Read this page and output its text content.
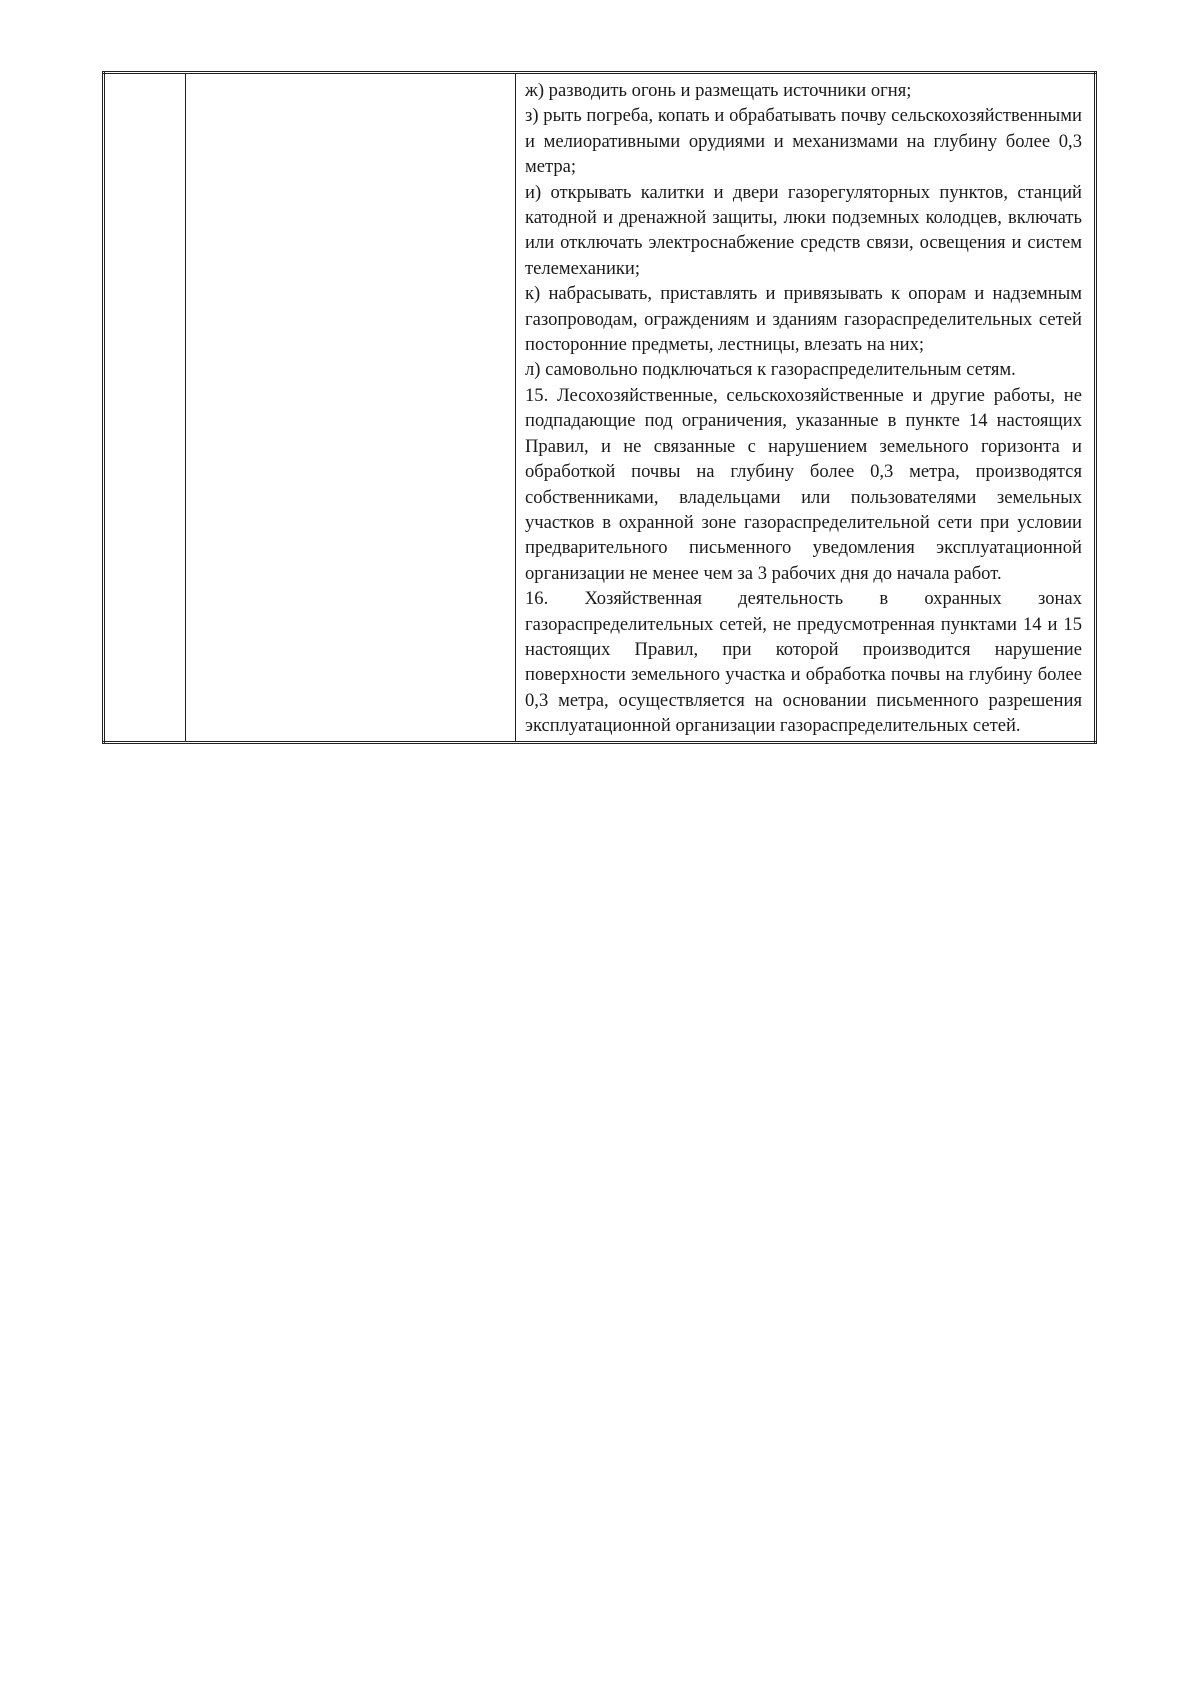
ж) разводить огонь и размещать источники огня;

з) рыть погреба, копать и обрабатывать почву сельскохозяйственными и мелиоративными орудиями и механизмами на глубину более 0,3 метра;

и) открывать калитки и двери газорегуляторных пунктов, станций катодной и дренажной защиты, люки подземных колодцев, включать или отключать электроснабжение средств связи, освещения и систем телемеханики;

к) набрасывать, приставлять и привязывать к опорам и надземным газопроводам, ограждениям и зданиям газораспределительных сетей посторонние предметы, лестницы, влезать на них;

л) самовольно подключаться к газораспределительным сетям.

15. Лесохозяйственные, сельскохозяйственные и другие работы, не подпадающие под ограничения, указанные в пункте 14 настоящих Правил, и не связанные с нарушением земельного горизонта и обработкой почвы на глубину более 0,3 метра, производятся собственниками, владельцами или пользователями земельных участков в охранной зоне газораспределительной сети при условии предварительного письменного уведомления эксплуатационной организации не менее чем за 3 рабочих дня до начала работ.

16. Хозяйственная деятельность в охранных зонах газораспределительных сетей, не предусмотренная пунктами 14 и 15 настоящих Правил, при которой производится нарушение поверхности земельного участка и обработка почвы на глубину более 0,3 метра, осуществляется на основании письменного разрешения эксплуатационной организации газораспределительных сетей.
